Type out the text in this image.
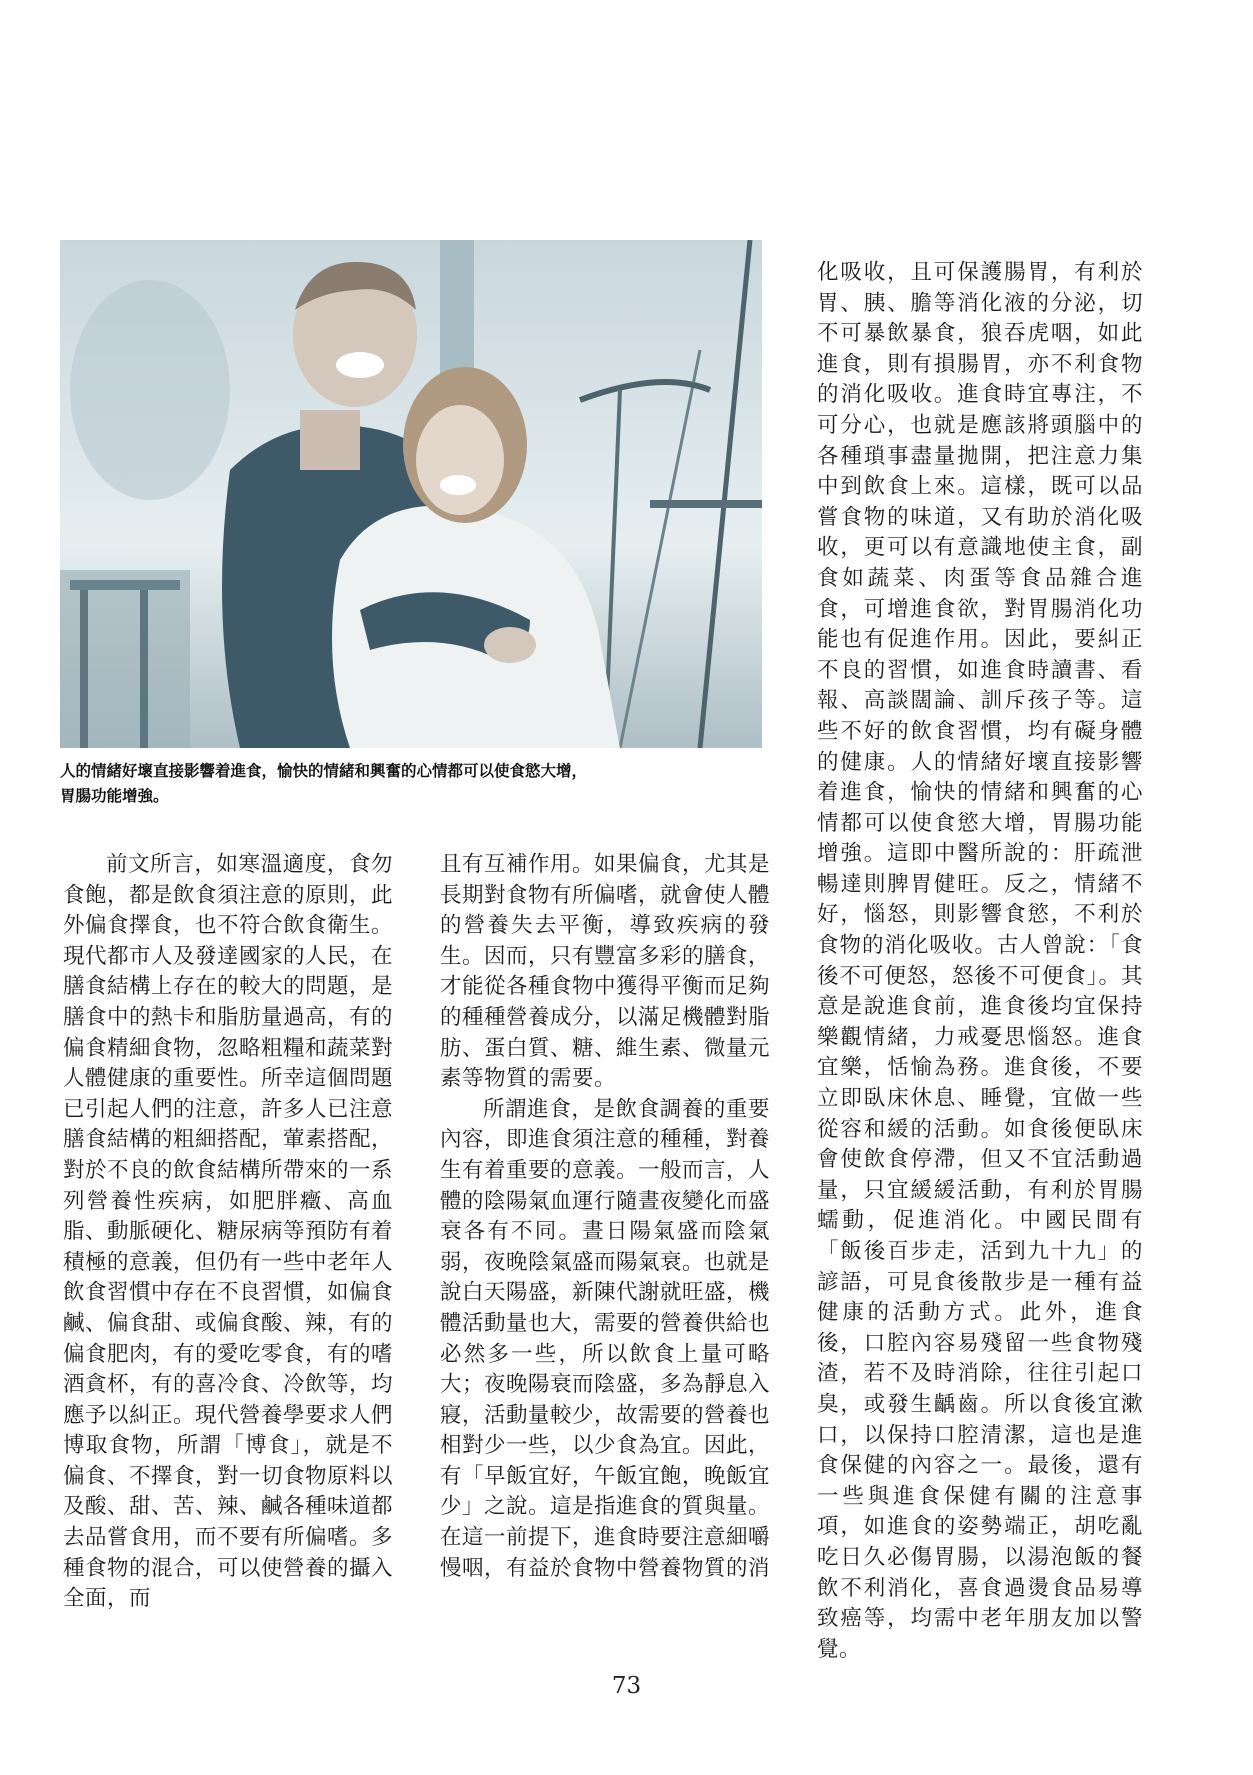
人的情緒好壞直接影響着進食，愉快的情緒和興奮的心情都可以使食慾大增，
胃腸功能增強。

前文所言，如寒溫適度，食勿食飽，都是飲食須注意的原則，此外偏食擇食，也不符合飲食衛生。現代都市人及發達國家的人民，在膳食結構上存在的較大的問題，是膳食中的熱卡和脂肪量過高，有的偏食精細食物，忽略粗糧和蔬菜對人體健康的重要性。所幸這個問題已引起人們的注意，許多人已注意膳食結構的粗細搭配，葷素搭配，對於不良的飲食結構所帶來的一系列營養性疾病，如肥胖癥、高血脂、動脈硬化、糖尿病等預防有着積極的意義，但仍有一些中老年人飲食習慣中存在不良習慣，如偏食鹹、偏食甜、或偏食酸、辣，有的偏食肥肉，有的愛吃零食，有的嗜酒貪杯，有的喜冷食、冷飲等，均應予以糾正。現代營養學要求人們博取食物，所謂「博食」，就是不偏食、不擇食，對一切食物原料以及酸、甜、苦、辣、鹹各種味道都去品嘗食用，而不要有所偏嗜。多種食物的混合，可以使營養的攝入全面，而

且有互補作用。如果偏食，尤其是長期對食物有所偏嗜，就會使人體的營養失去平衡，導致疾病的發生。因而，只有豐富多彩的膳食，才能從各種食物中獲得平衡而足夠的種種營養成分，以滿足機體對脂肪、蛋白質、糖、維生素、微量元素等物質的需要。

所謂進食，是飲食調養的重要內容，即進食須注意的種種，對養生有着重要的意義。一般而言，人體的陰陽氣血運行隨晝夜變化而盛衰各有不同。晝日陽氣盛而陰氣弱，夜晚陰氣盛而陽氣衰。也就是說白天陽盛，新陳代謝就旺盛，機體活動量也大，需要的營養供給也必然多一些，所以飲食上量可略大；夜晚陽衰而陰盛，多為靜息入寢，活動量較少，故需要的營養也相對少一些，以少食為宜。因此，有「早飯宜好，午飯宜飽，晚飯宜少」之說。這是指進食的質與量。在這一前提下，進食時要注意細嚼慢咽，有益於食物中營養物質的消

化吸收，且可保護腸胃，有利於胃、胰、膽等消化液的分泌，切不可暴飲暴食，狼吞虎咽，如此進食，則有損腸胃，亦不利食物的消化吸收。進食時宜專注，不可分心，也就是應該將頭腦中的各種瑣事盡量拋開，把注意力集中到飲食上來。這樣，既可以品嘗食物的味道，又有助於消化吸收，更可以有意識地使主食，副食如蔬菜、肉蛋等食品雜合進食，可增進食欲，對胃腸消化功能也有促進作用。因此，要糾正不良的習慣，如進食時讀書、看報、高談闊論、訓斥孩子等。這些不好的飲食習慣，均有礙身體的健康。人的情緒好壞直接影響着進食，愉快的情緒和興奮的心情都可以使食慾大增，胃腸功能增強。這即中醫所說的：肝疏泄暢達則脾胃健旺。反之，情緒不好，惱怒，則影響食慾，不利於食物的消化吸收。古人曾說：「食後不可便怒，怒後不可便食」。其意是說進食前，進食後均宜保持樂觀情緒，力戒憂思惱怒。進食宜樂，恬愉為務。進食後，不要立即臥床休息、睡覺，宜做一些從容和緩的活動。如食後便臥床會使飲食停滯，但又不宜活動過量，只宜緩緩活動，有利於胃腸蠕動，促進消化。中國民間有「飯後百步走，活到九十九」的諺語，可見食後散步是一種有益健康的活動方式。此外，進食後，口腔內容易殘留一些食物殘渣，若不及時消除，往往引起口臭，或發生齲齒。所以食後宜漱口，以保持口腔清潔，這也是進食保健的內容之一。最後，還有一些與進食保健有關的注意事項，如進食的姿勢端正，胡吃亂吃日久必傷胃腸，以湯泡飯的餐飲不利消化，喜食過燙食品易導致癌等，均需中老年朋友加以警覺。

73
